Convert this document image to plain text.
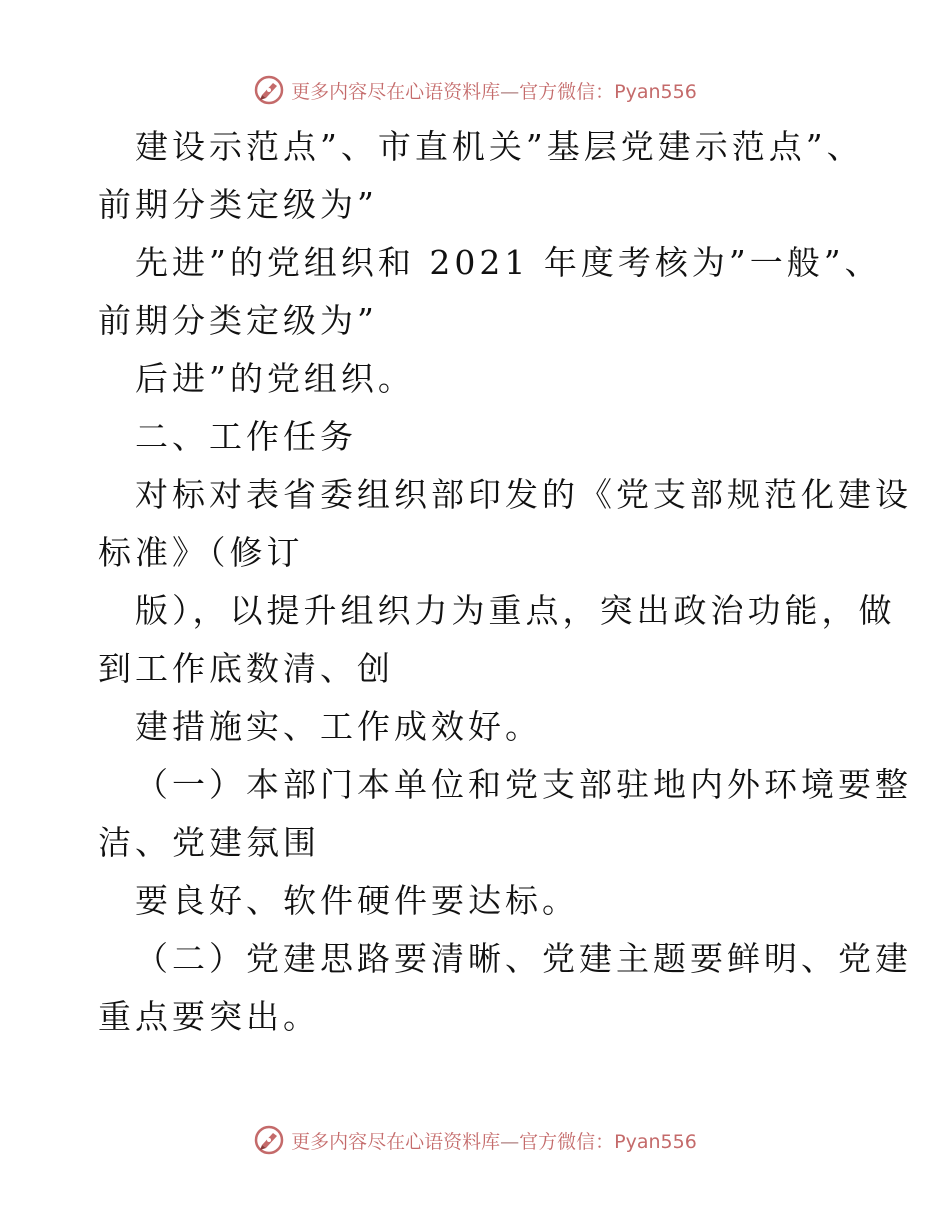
更多内容尽在心语资料库—官方微信：Pyan556
建设示范点”、市直机关”基层党建示范点”、
前期分类定级为”
先进”的党组织和 2021 年度考核为”一般”、
前期分类定级为”
后进”的党组织。
二、工作任务
对标对表省委组织部印发的《党支部规范化建设
标准》（修订
版），以提升组织力为重点，突出政治功能，做
到工作底数清、创
建措施实、工作成效好。
（一）本部门本单位和党支部驻地内外环境要整
洁、党建氛围
要良好、软件硬件要达标。
（二）党建思路要清晰、党建主题要鲜明、党建
重点要突出。
更多内容尽在心语资料库—官方微信：Pyan556
